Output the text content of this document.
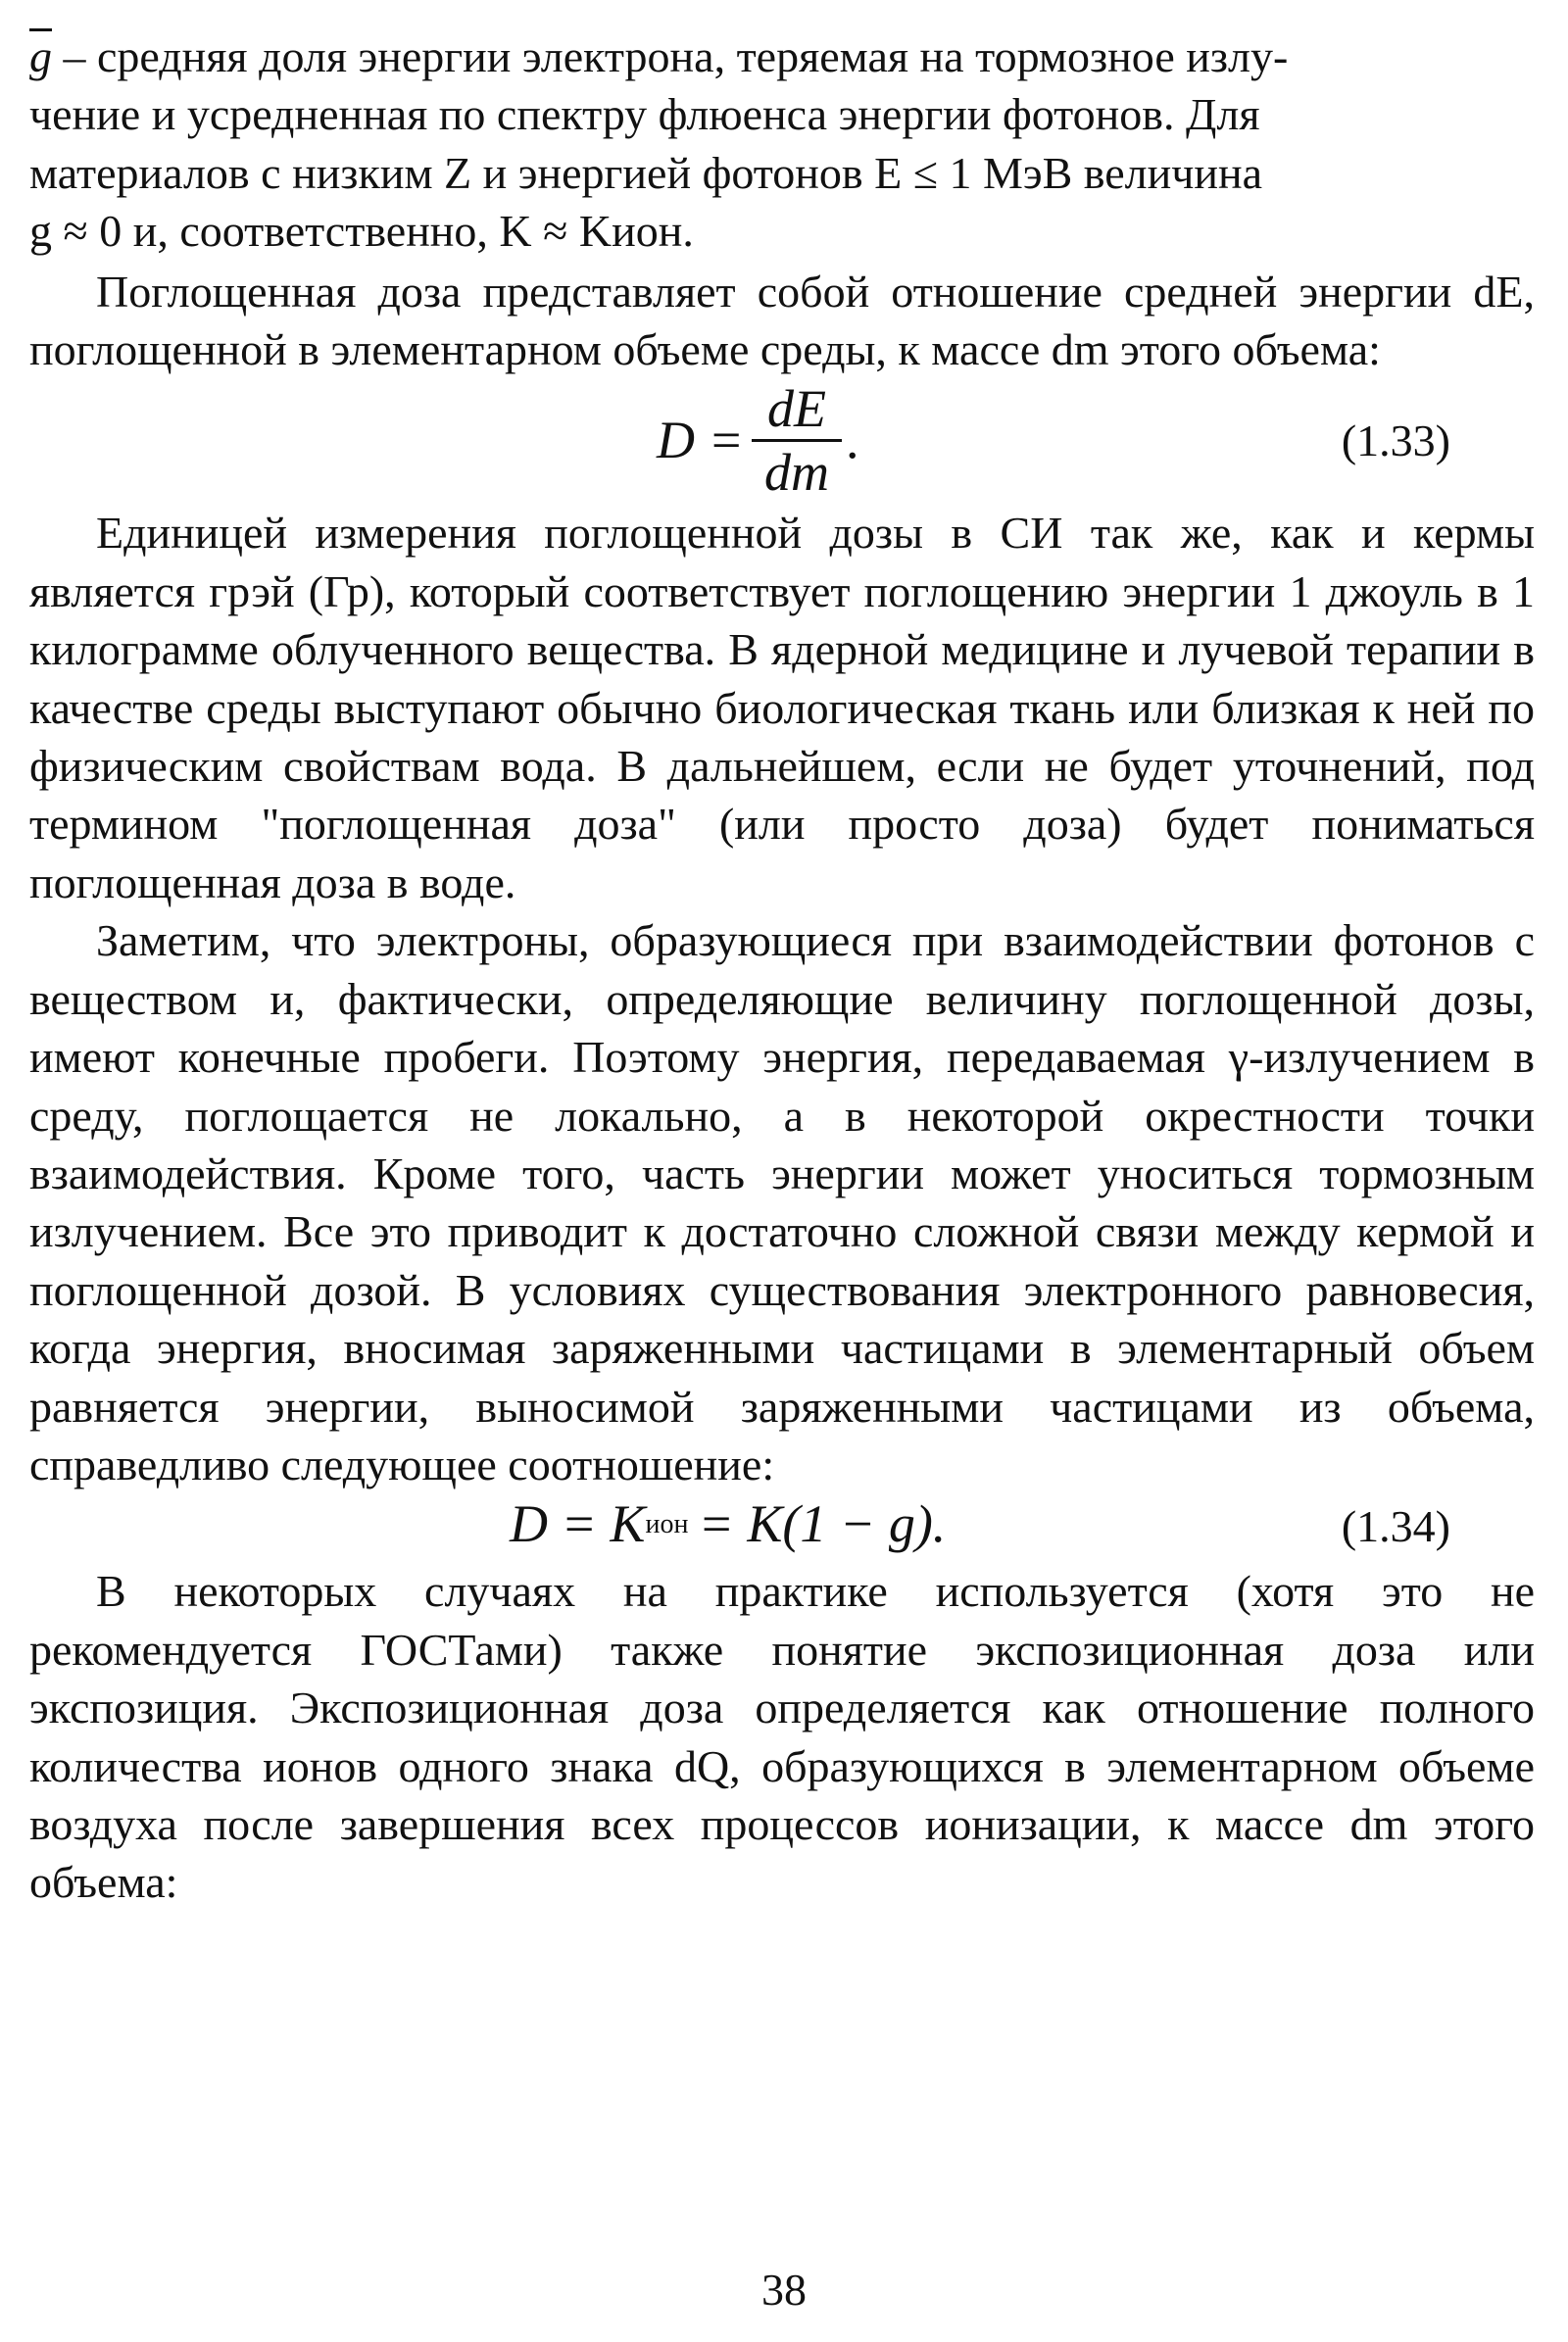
$\overline{g}$ – средняя доля энергии электрона, теряемая на тормозное излу-
чение и усредненная по спектру флюенса энергии фотонов. Для
материалов с низким Z и энергией фотонов E ≤ 1 МэВ величина
g ≈ 0 и, соответственно, K ≈ Kион.

Поглощенная доза представляет собой отношение средней энергии dE, поглощенной в элементарном объеме среды, к массе dm этого объема:

$D = \frac{dE}{dm}$ .	(1.33)

Единицей измерения поглощенной дозы в СИ так же, как и кермы является грэй (Гр), который соответствует поглощению энергии 1 джоуль в 1 килограмме облученного вещества. В ядерной медицине и лучевой терапии в качестве среды выступают обычно биологическая ткань или близкая к ней по физическим свойствам вода. В дальнейшем, если не будет уточнений, под термином "поглощенная доза" (или просто доза) будет пониматься поглощенная доза в воде.

Заметим, что электроны, образующиеся при взаимодействии фотонов с веществом и, фактически, определяющие величину поглощенной дозы, имеют конечные пробеги. Поэтому энергия, передаваемая γ-излучением в среду, поглощается не локально, а в некоторой окрестности точки взаимодействия. Кроме того, часть энергии может уноситься тормозным излучением. Все это приводит к достаточно сложной связи между кермой и поглощенной дозой. В условиях существования электронного равновесия, когда энергия, вносимая заряженными частицами в элементарный объем равняется энергии, выносимой заряженными частицами из объема, справедливо следующее соотношение:

D = K ион = K(1 − g).	(1.34)

В некоторых случаях на практике используется (хотя это не рекомендуется ГОСТами) также понятие экспозиционная доза или экспозиция. Экспозиционная доза определяется как отношение полного количества ионов одного знака dQ, образующихся в элементарном объеме воздуха после завершения всех процессов ионизации, к массе dm этого объема:

38
